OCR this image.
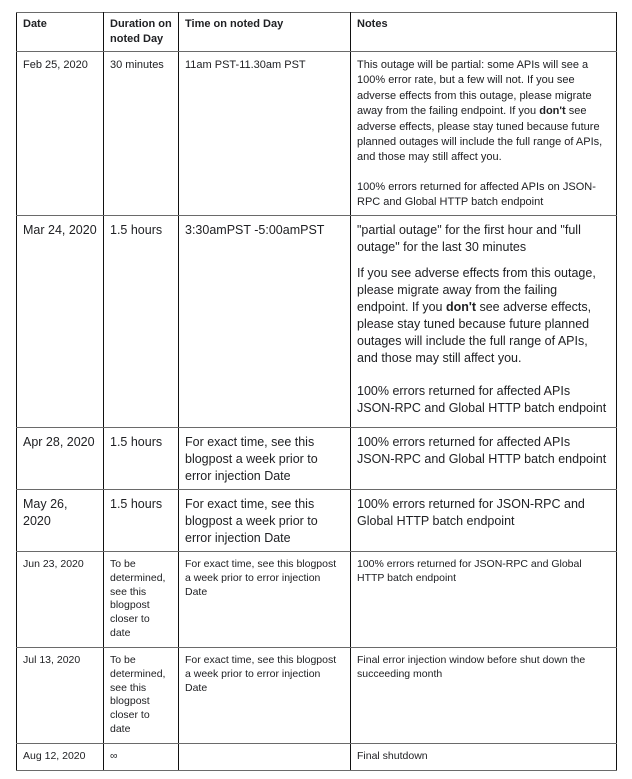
Date	Duration on noted Day	Time on noted Day	Notes
Feb 25, 2020	30 minutes	11am PST-11.30am PST	This outage will be partial: some APIs will see a 100% error rate, but a few will not. If you see adverse effects from this outage, please migrate away from the failing endpoint. If you don't see adverse effects, please stay tuned because future planned outages will include the full range of APIs, and those may still affect you.

100% errors returned for affected APIs on JSON-RPC and Global HTTP batch endpoint

Mar 24, 2020	1.5 hours	3:30amPST -5:00amPST	"partial outage" for the first hour and "full outage" for the last 30 minutes

If you see adverse effects from this outage, please migrate away from the failing endpoint. If you don't see adverse effects, please stay tuned because future planned outages will include the full range of APIs, and those may still affect you.

100% errors returned for affected APIs JSON-RPC and Global HTTP batch endpoint

Apr 28, 2020	1.5 hours	For exact time, see this blogpost a week prior to error injection Date	100% errors returned for affected APIs JSON-RPC and Global HTTP batch endpoint

May 26, 2020	1.5 hours	For exact time, see this blogpost a week prior to error injection Date	100% errors returned for JSON-RPC and Global HTTP batch endpoint

Jun 23, 2020	To be determined, see this blogpost closer to date	For exact time, see this blogpost a week prior to error injection Date	100% errors returned for JSON-RPC and Global HTTP batch endpoint

Jul 13, 2020	To be determined, see this blogpost closer to date	For exact time, see this blogpost a week prior to error injection Date	Final error injection window before shut down the succeeding month

Aug 12, 2020	∞		Final shutdown
